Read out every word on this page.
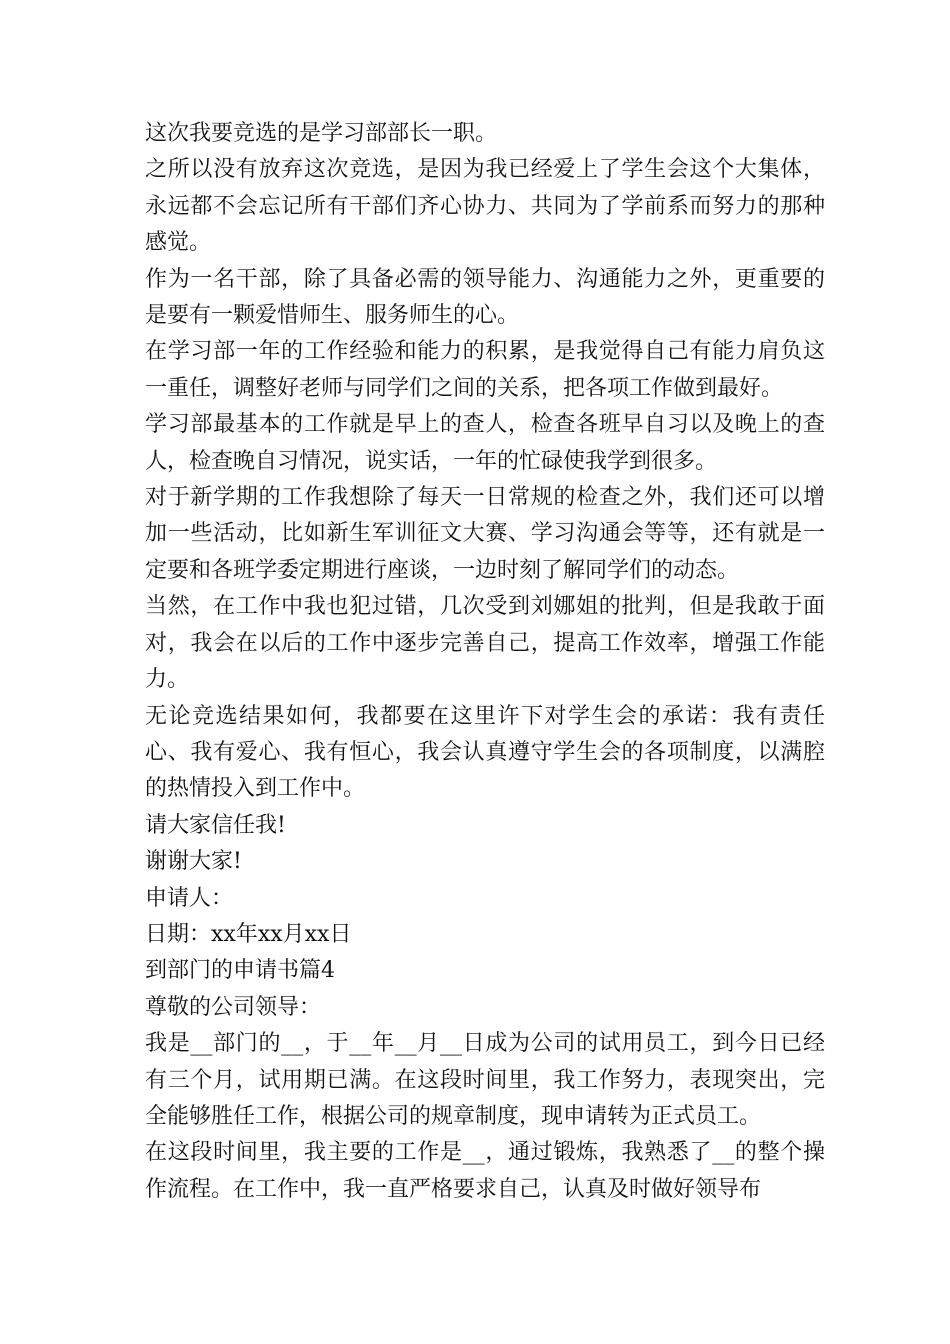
这次我要竞选的是学习部部长一职。

之所以没有放弃这次竞选，是因为我已经爱上了学生会这个大集体，永远都不会忘记所有干部们齐心协力、共同为了学前系而努力的那种感觉。

作为一名干部，除了具备必需的领导能力、沟通能力之外，更重要的是要有一颗爱惜师生、服务师生的心。

在学习部一年的工作经验和能力的积累，是我觉得自己有能力肩负这一重任，调整好老师与同学们之间的关系，把各项工作做到最好。

学习部最基本的工作就是早上的查人，检查各班早自习以及晚上的查人，检查晚自习情况，说实话，一年的忙碌使我学到很多。

对于新学期的工作我想除了每天一日常规的检查之外，我们还可以增加一些活动，比如新生军训征文大赛、学习沟通会等等，还有就是一定要和各班学委定期进行座谈，一边时刻了解同学们的动态。

当然，在工作中我也犯过错，几次受到刘娜姐的批判，但是我敢于面对，我会在以后的工作中逐步完善自己，提高工作效率，增强工作能力。

无论竞选结果如何，我都要在这里许下对学生会的承诺：我有责任心、我有爱心、我有恒心，我会认真遵守学生会的各项制度，以满腔的热情投入到工作中。

请大家信任我!

谢谢大家!

申请人：

日期：xx年xx月xx日

到部门的申请书篇4

尊敬的公司领导：

我是__部门的__，于__年__月__日成为公司的试用员工，到今日已经有三个月，试用期已满。在这段时间里，我工作努力，表现突出，完全能够胜任工作，根据公司的规章制度，现申请转为正式员工。

在这段时间里，我主要的工作是__，通过锻炼，我熟悉了__的整个操作流程。在工作中，我一直严格要求自己，认真及时做好领导布
